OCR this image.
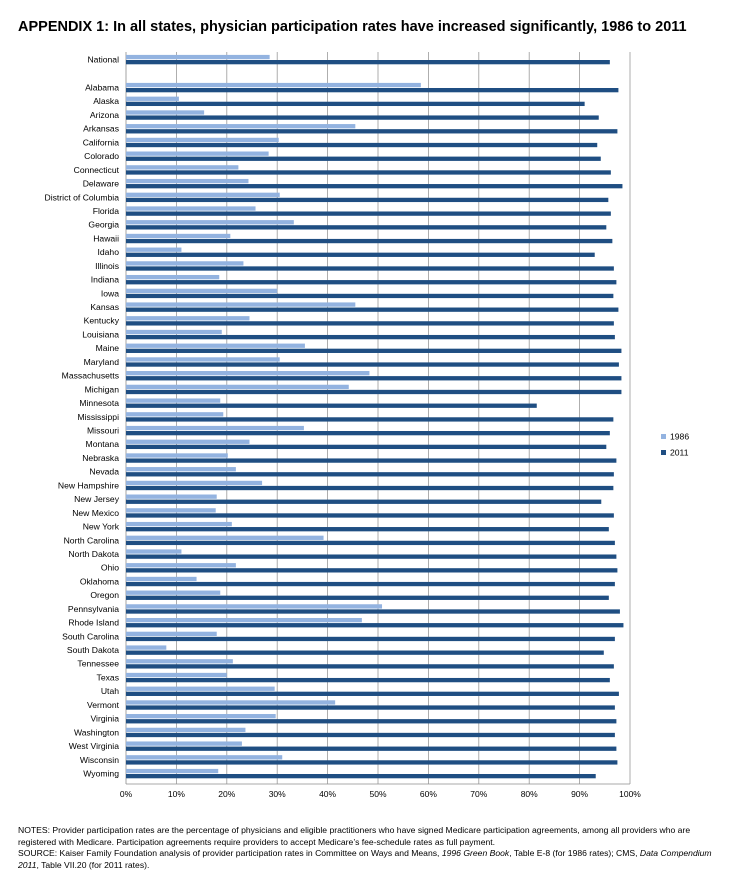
APPENDIX 1: In all states, physician participation rates have increased significantly, 1986 to 2011
National
Alabama
Alaska
Arizona
Arkansas
California
Colorado
Connecticut
Delaware
District of Columbia
Florida
Georgia
Hawaii
Idaho
Illinois
Indiana
Iowa
Kansas
Kentucky
Louisiana
Maine
Maryland
Massachusetts
Michigan
Minnesota
Mississippi
Missouri
Montana
Nebraska
Nevada
New Hampshire
New Jersey
New Mexico
New York
North Carolina
North Dakota
Ohio
Oklahoma
Oregon
Pennsylvania
Rhode Island
South Carolina
South Dakota
Tennessee
Texas
Utah
Vermont
Virginia
Washington
West Virginia
Wisconsin
Wyoming
0%	10%	20%	30%	40%	50%	60%	70%	80%	90%	100%
1986
2011

NOTES: Provider participation rates are the percentage of physicians and eligible practitioners who have signed Medicare participation agreements, among all providers who are registered with Medicare. Participation agreements require providers to accept Medicare’s fee-schedule rates as full payment.

SOURCE: Kaiser Family Foundation analysis of provider participation rates in Committee on Ways and Means, 1996 Green Book, Table E-8 (for 1986 rates); CMS, Data Compendium 2011, Table VII.20 (for 2011 rates).
